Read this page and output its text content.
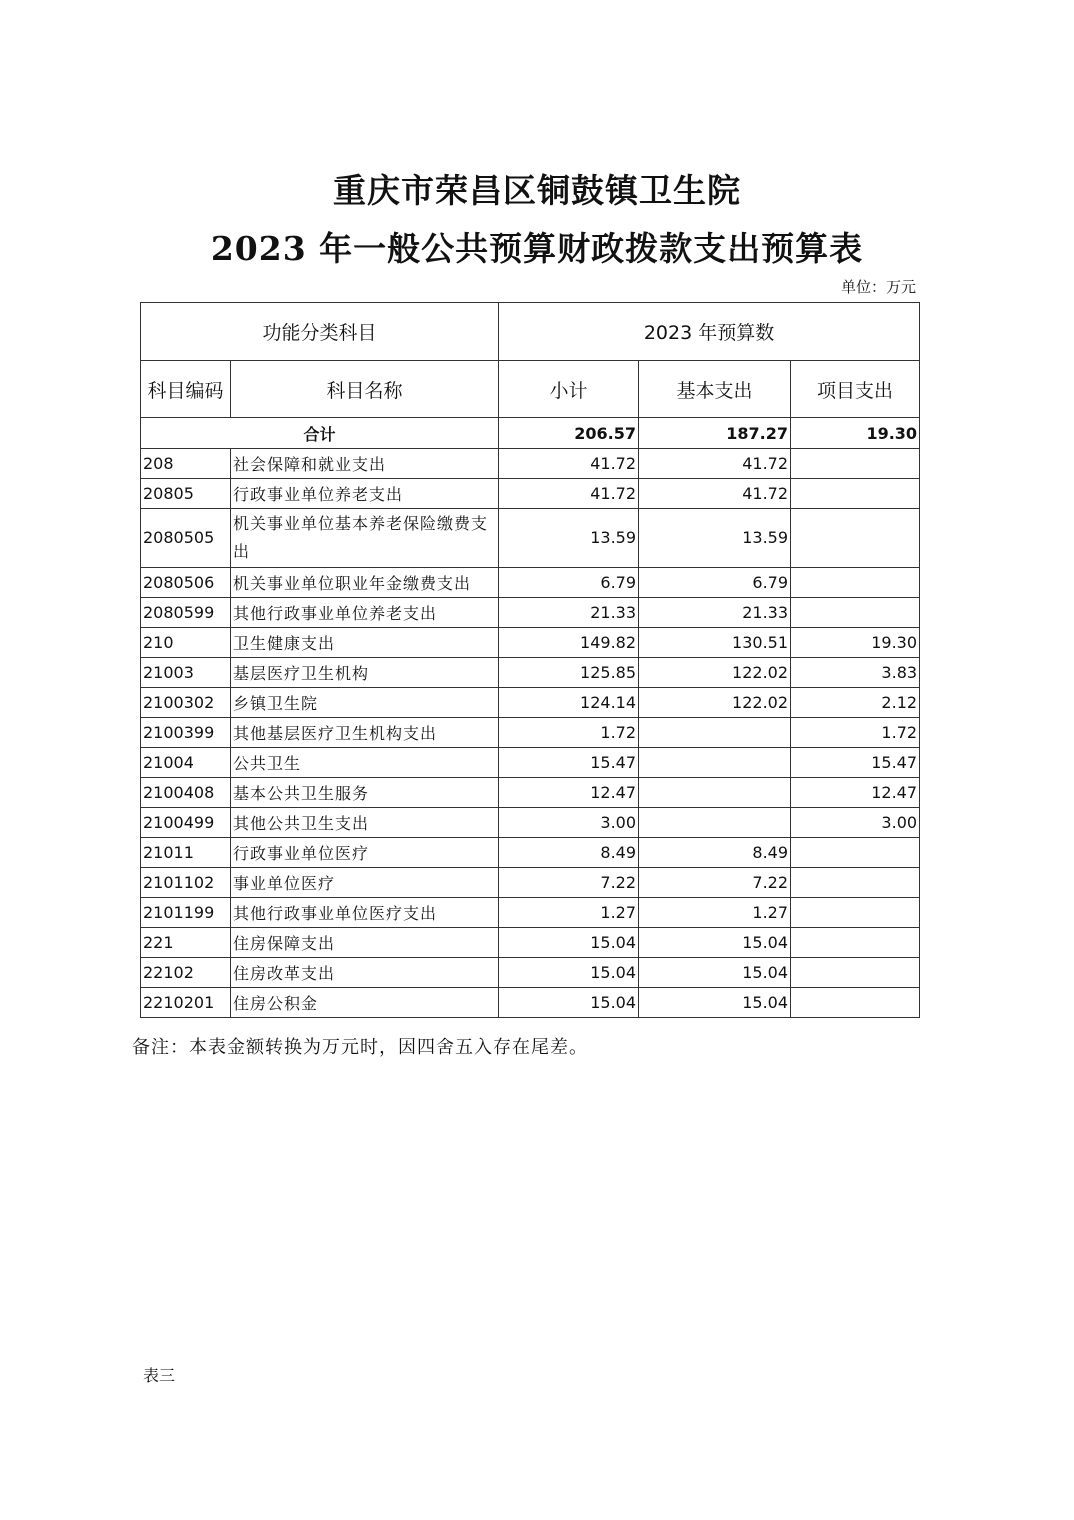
重庆市荣昌区铜鼓镇卫生院
2023 年一般公共预算财政拨款支出预算表
单位：万元
功能分类科目		2023 年预算数		
科目编码	科目名称	小计	基本支出	项目支出
合计		206.57	187.27	19.30
208	社会保障和就业支出	41.72	41.72	
20805	行政事业单位养老支出	41.72	41.72	
2080505	机关事业单位基本养老保险缴费支出	13.59	13.59	
2080506	机关事业单位职业年金缴费支出	6.79	6.79	
2080599	其他行政事业单位养老支出	21.33	21.33	
210	卫生健康支出	149.82	130.51	19.30
21003	基层医疗卫生机构	125.85	122.02	3.83
2100302	乡镇卫生院	124.14	122.02	2.12
2100399	其他基层医疗卫生机构支出	1.72		1.72
21004	公共卫生	15.47		15.47
2100408	基本公共卫生服务	12.47		12.47
2100499	其他公共卫生支出	3.00		3.00
21011	行政事业单位医疗	8.49	8.49	
2101102	事业单位医疗	7.22	7.22	
2101199	其他行政事业单位医疗支出	1.27	1.27	
221	住房保障支出	15.04	15.04	
22102	住房改革支出	15.04	15.04	
2210201	住房公积金	15.04	15.04	
备注：本表金额转换为万元时，因四舍五入存在尾差。
表三
